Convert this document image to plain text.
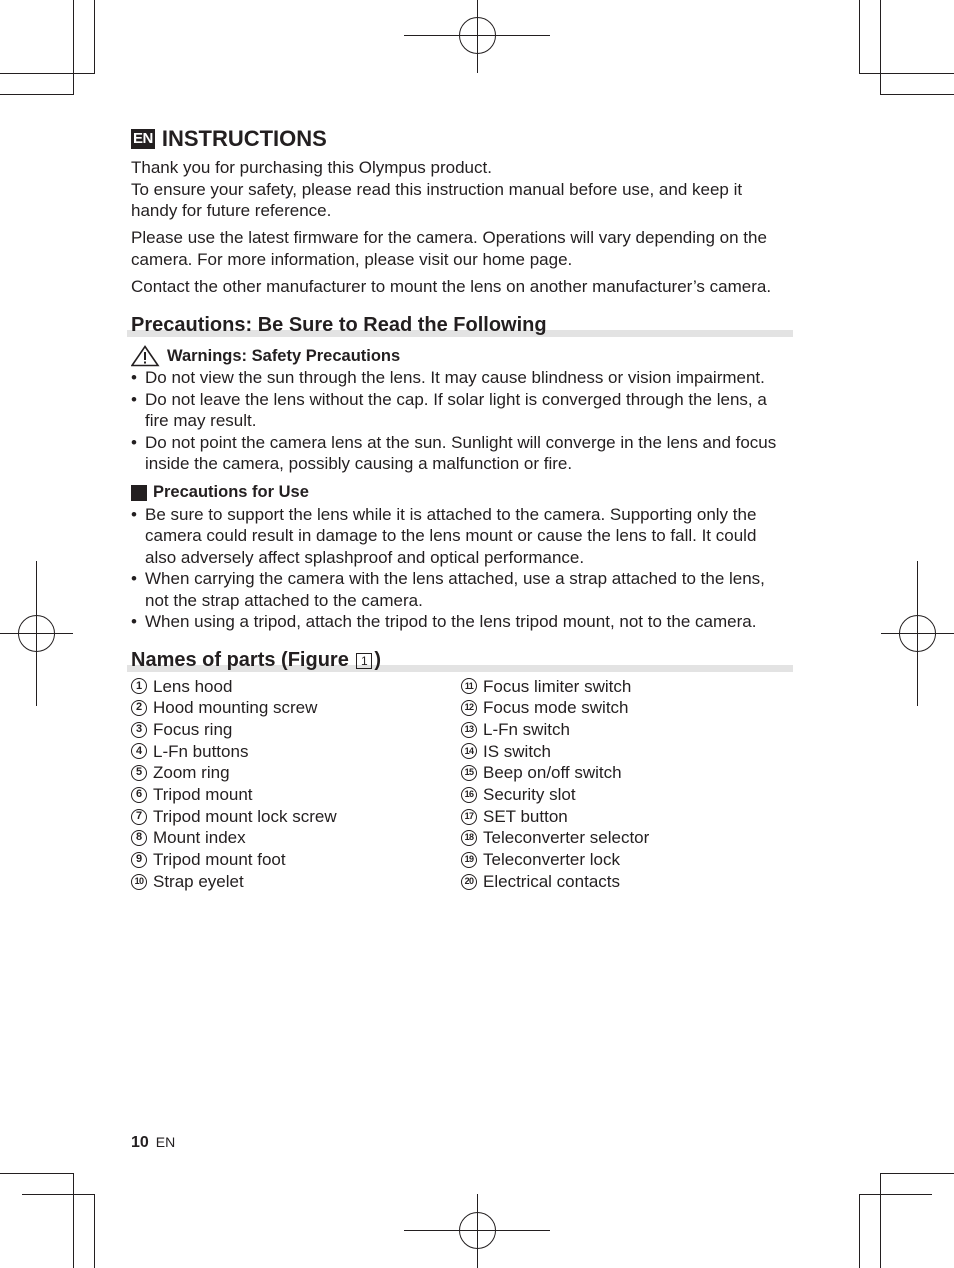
EN INSTRUCTIONS

Thank you for purchasing this Olympus product.
To ensure your safety, please read this instruction manual before use, and keep it handy for future reference.

Please use the latest firmware for the camera. Operations will vary depending on the camera. For more information, please visit our home page.

Contact the other manufacturer to mount the lens on another manufacturer’s camera.

Precautions: Be Sure to Read the Following
Warnings: Safety Precautions
• Do not view the sun through the lens. It may cause blindness or vision impairment.
• Do not leave the lens without the cap. If solar light is converged through the lens, a fire may result.
• Do not point the camera lens at the sun. Sunlight will converge in the lens and focus inside the camera, possibly causing a malfunction or fire.
Precautions for Use
• Be sure to support the lens while it is attached to the camera. Supporting only the camera could result in damage to the lens mount or cause the lens to fall. It could also adversely affect splashproof and optical performance.
• When carrying the camera with the lens attached, use a strap attached to the lens, not the strap attached to the camera.
• When using a tripod, attach the tripod to the lens tripod mount, not to the camera.
Names of parts (Figure 1 )
1 Lens hood
2 Hood mounting screw
3 Focus ring
4 L-Fn buttons
5 Zoom ring
6 Tripod mount
7 Tripod mount lock screw
8 Mount index
9 Tripod mount foot
10 Strap eyelet
11 Focus limiter switch
12 Focus mode switch
13 L-Fn switch
14 IS switch
15 Beep on/off switch
16 Security slot
17 SET button
18 Teleconverter selector
19 Teleconverter lock
20 Electrical contacts
10 EN
